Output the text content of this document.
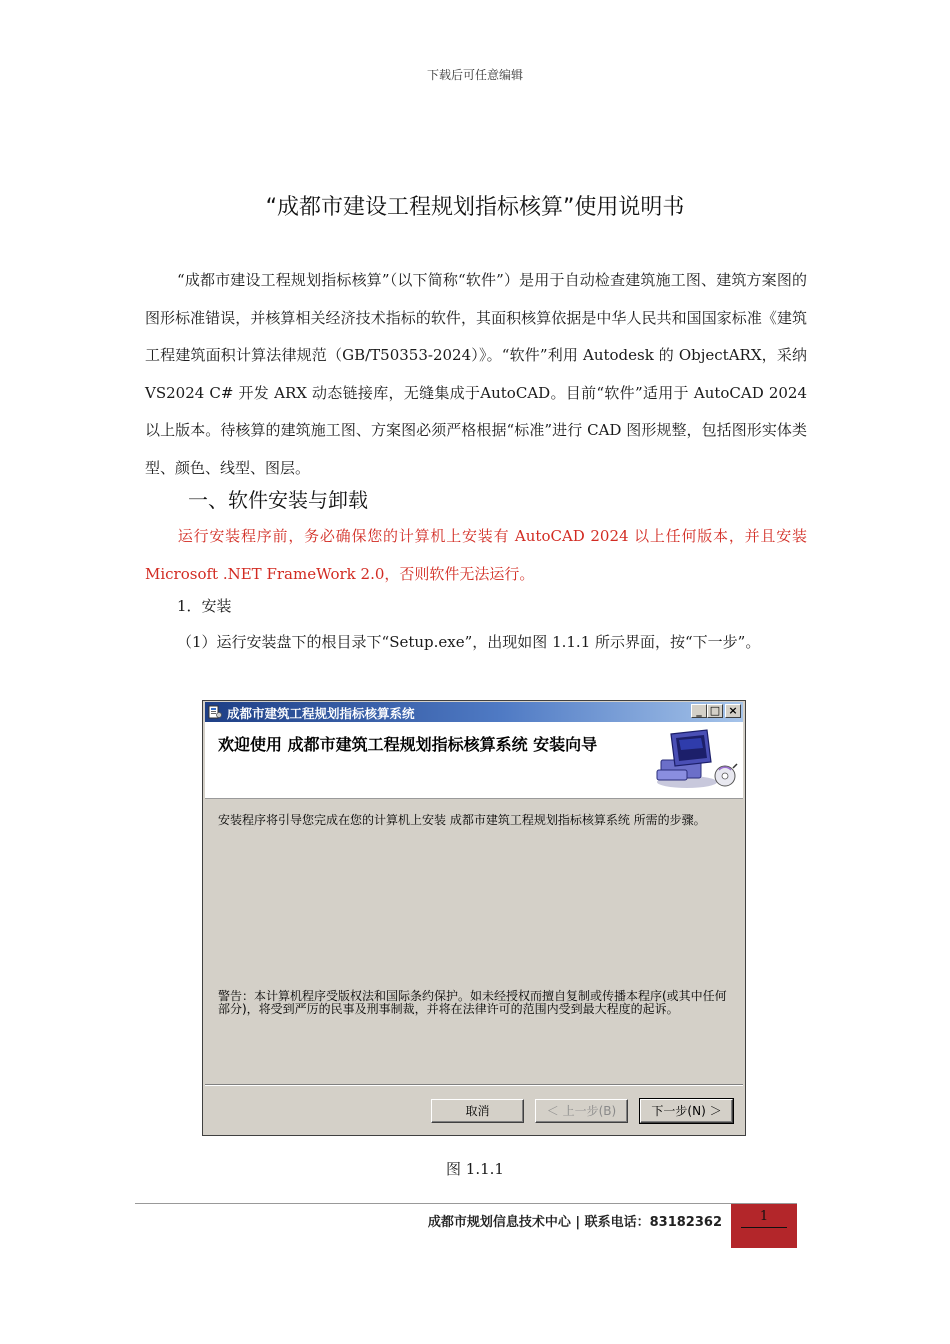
下载后可任意编辑
“成都市建设工程规划指标核算”使用说明书
“成都市建设工程规划指标核算”（以下简称“软件”）是用于自动检查建筑施工图、建筑方案图的图形标准错误，并核算相关经济技术指标的软件，其面积核算依据是中华人民共和国国家标准《建筑工程建筑面积计算法律规范（GB/T50353-2024）》。“软件”利用 Autodesk 的 ObjectARX，采纳 VS2024 C# 开发 ARX 动态链接库，无缝集成于AutoCAD。目前“软件”适用于 AutoCAD 2024 以上版本。待核算的建筑施工图、方案图必须严格根据“标准”进行 CAD 图形规整，包括图形实体类型、颜色、线型、图层。
一、软件安装与卸载
运行安装程序前，务必确保您的计算机上安装有 AutoCAD 2024 以上任何版本，并且安装 Microsoft .NET FrameWork 2.0，否则软件无法运行。
1．安装
（1）运行安装盘下的根目录下“Setup.exe”，出现如图 1.1.1 所示界面，按“下一步”。
成都市建筑工程规划指标核算系统	_ □ ×
欢迎使用 成都市建筑工程规划指标核算系统 安装向导
安装程序将引导您完成在您的计算机上安装 成都市建筑工程规划指标核算系统 所需的步骤。
警告：本计算机程序受版权法和国际条约保护。如未经授权而擅自复制或传播本程序(或其中任何部分)，将受到严厉的民事及刑事制裁，并将在法律许可的范围内受到最大程度的起诉。
取消	＜ 上一步(B)	下一步(N) ＞
图 1.1.1
成都市规划信息技术中心 | 联系电话：83182362	1
